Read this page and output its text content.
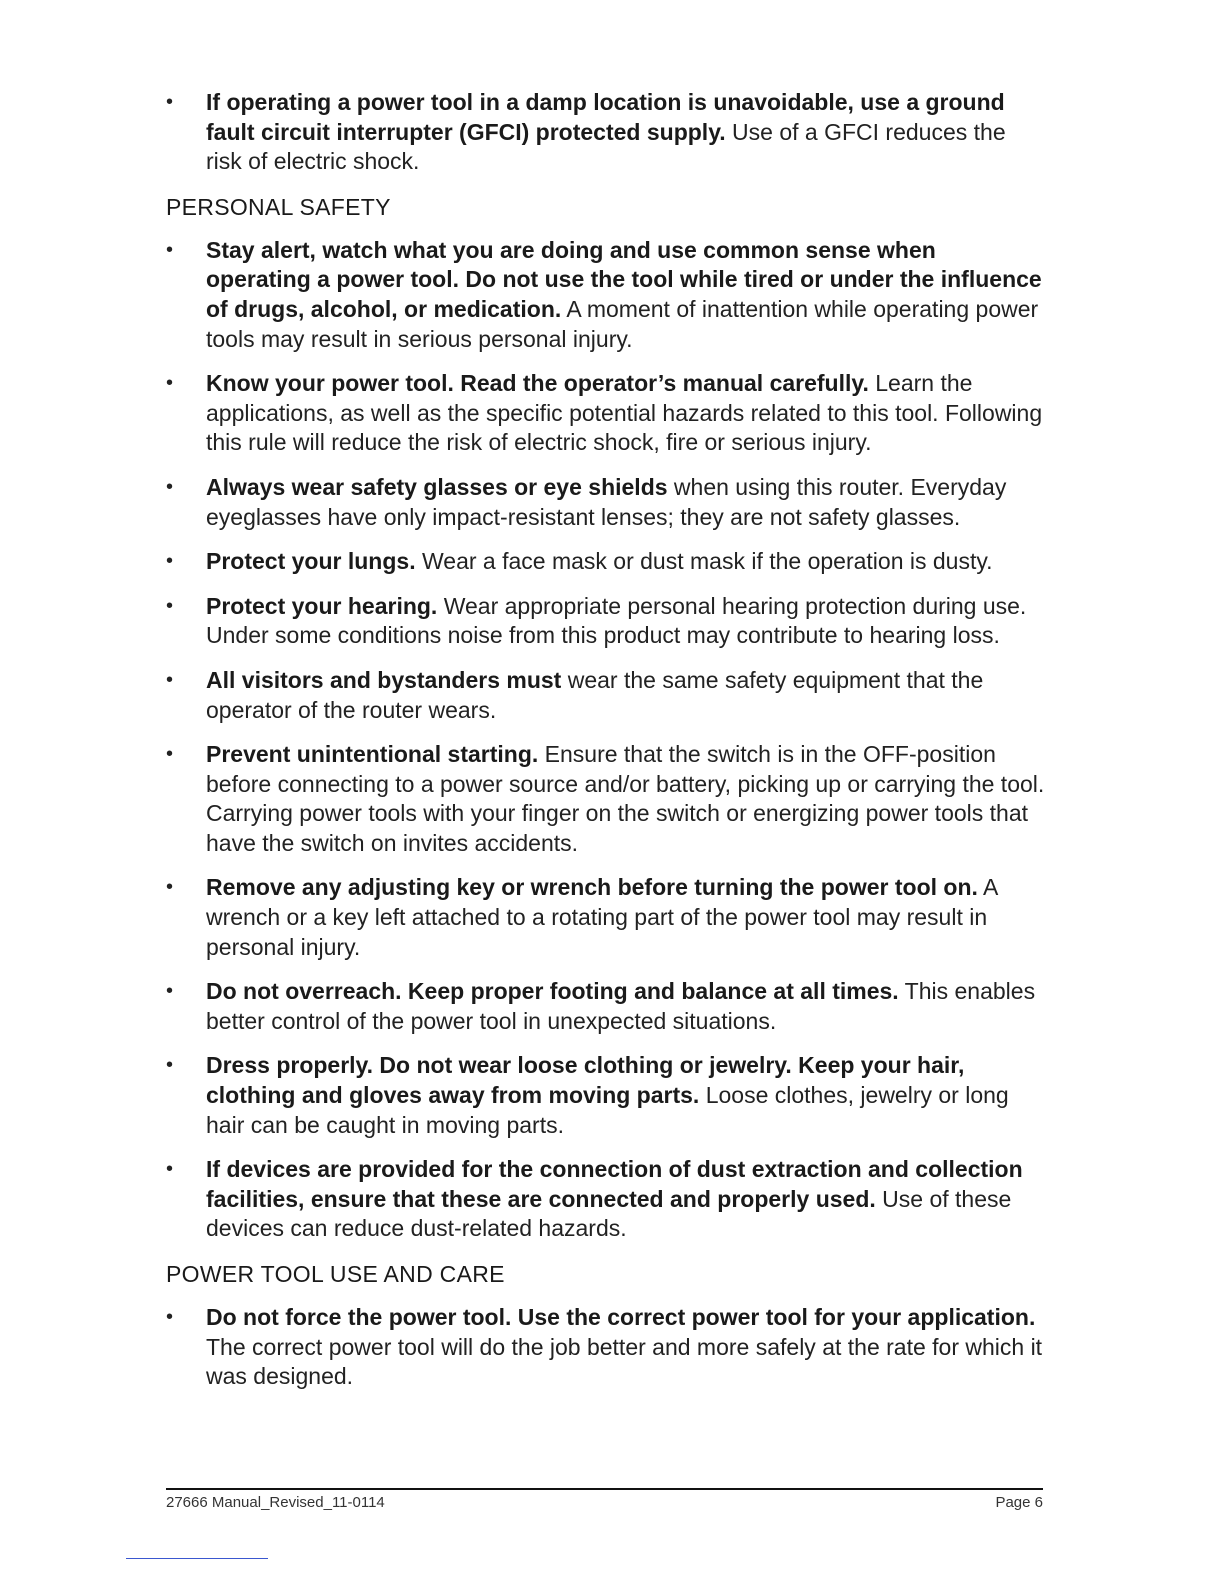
•	If operating a power tool in a damp location is unavoidable, use a ground fault circuit interrupter (GFCI) protected supply. Use of a GFCI reduces the risk of electric shock.
PERSONAL SAFETY
•	Stay alert, watch what you are doing and use common sense when operating a power tool. Do not use the tool while tired or under the influence of drugs, alcohol, or medication. A moment of inattention while operating power tools may result in serious personal injury.
•	Know your power tool. Read the operator’s manual carefully. Learn the applications, as well as the specific potential hazards related to this tool. Following this rule will reduce the risk of electric shock, fire or serious injury.
•	Always wear safety glasses or eye shields when using this router. Everyday eyeglasses have only impact-resistant lenses; they are not safety glasses.
•	Protect your lungs. Wear a face mask or dust mask if the operation is dusty.
•	Protect your hearing. Wear appropriate personal hearing protection during use. Under some conditions noise from this product may contribute to hearing loss.
•	All visitors and bystanders must wear the same safety equipment that the operator of the router wears.
•	Prevent unintentional starting. Ensure that the switch is in the OFF-position before connecting to a power source and/or battery, picking up or carrying the tool. Carrying power tools with your finger on the switch or energizing power tools that have the switch on invites accidents.
•	Remove any adjusting key or wrench before turning the power tool on. A wrench or a key left attached to a rotating part of the power tool may result in personal injury.
•	Do not overreach. Keep proper footing and balance at all times. This enables better control of the power tool in unexpected situations.
•	Dress properly. Do not wear loose clothing or jewelry. Keep your hair, clothing and gloves away from moving parts. Loose clothes, jewelry or long hair can be caught in moving parts.
•	If devices are provided for the connection of dust extraction and collection facilities, ensure that these are connected and properly used. Use of these devices can reduce dust-related hazards.
POWER TOOL USE AND CARE
•	Do not force the power tool. Use the correct power tool for your application. The correct power tool will do the job better and more safely at the rate for which it was designed.
27666 Manual_Revised_11-0114	Page 6
